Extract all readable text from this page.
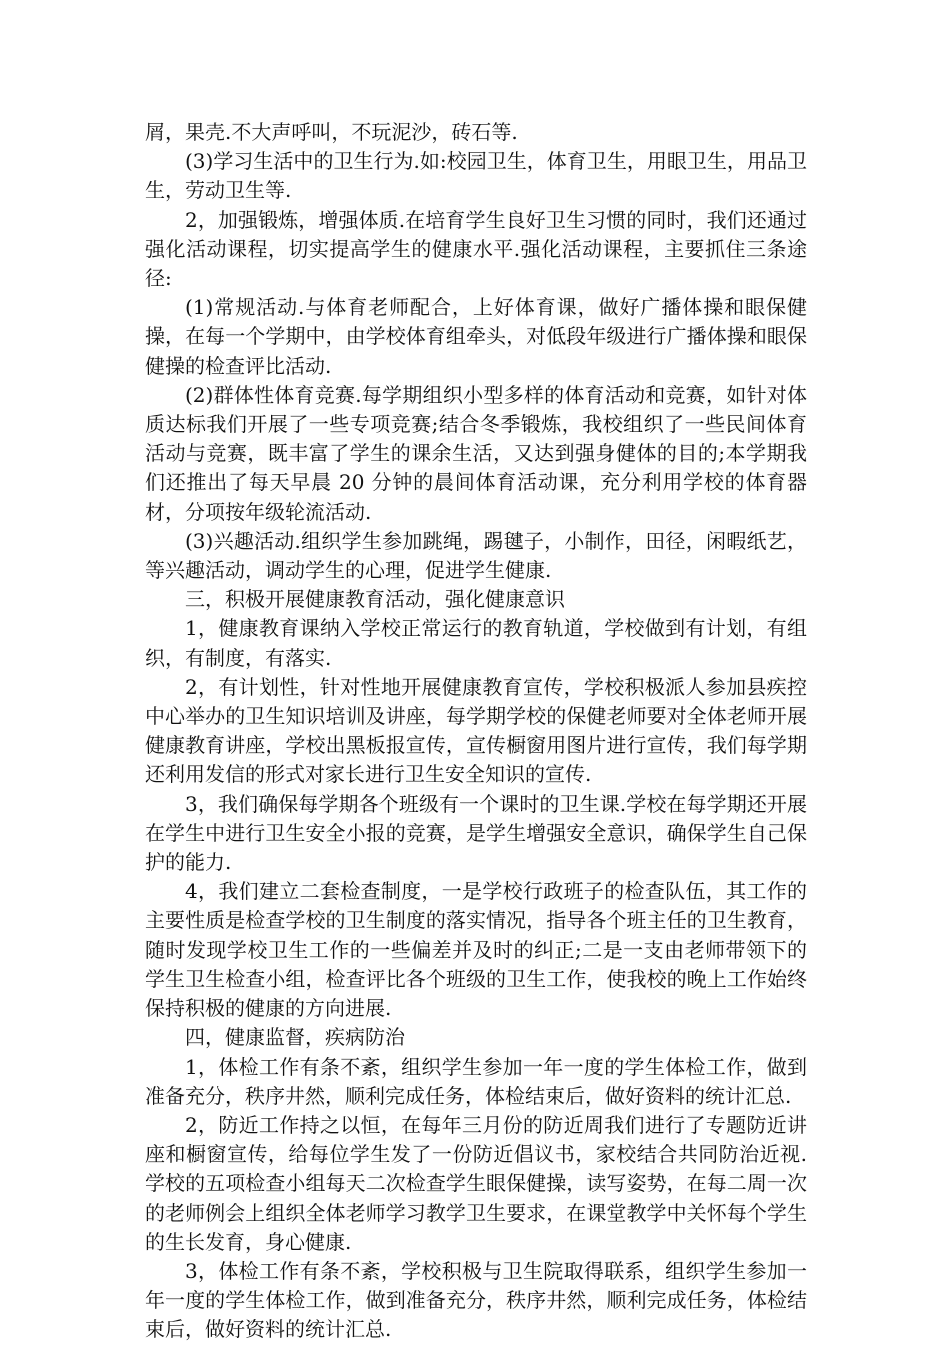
屑，果壳.不大声呼叫，不玩泥沙，砖石等.

(3)学习生活中的卫生行为.如:校园卫生，体育卫生，用眼卫生，用品卫生，劳动卫生等.

2，加强锻炼，增强体质.在培育学生良好卫生习惯的同时，我们还通过强化活动课程，切实提高学生的健康水平.强化活动课程，主要抓住三条途径:

(1)常规活动.与体育老师配合，上好体育课，做好广播体操和眼保健操，在每一个学期中，由学校体育组牵头，对低段年级进行广播体操和眼保健操的检查评比活动.

(2)群体性体育竞赛.每学期组织小型多样的体育活动和竞赛，如针对体质达标我们开展了一些专项竞赛;结合冬季锻炼，我校组织了一些民间体育活动与竞赛，既丰富了学生的课余生活，又达到强身健体的目的;本学期我们还推出了每天早晨 20 分钟的晨间体育活动课，充分利用学校的体育器材，分项按年级轮流活动.

(3)兴趣活动.组织学生参加跳绳，踢毽子，小制作，田径，闲暇纸艺，等兴趣活动，调动学生的心理，促进学生健康.

三，积极开展健康教育活动，强化健康意识

1，健康教育课纳入学校正常运行的教育轨道，学校做到有计划，有组织，有制度，有落实.

2，有计划性，针对性地开展健康教育宣传，学校积极派人参加县疾控中心举办的卫生知识培训及讲座，每学期学校的保健老师要对全体老师开展健康教育讲座，学校出黑板报宣传，宣传橱窗用图片进行宣传，我们每学期还利用发信的形式对家长进行卫生安全知识的宣传.

3，我们确保每学期各个班级有一个课时的卫生课.学校在每学期还开展在学生中进行卫生安全小报的竞赛，是学生增强安全意识，确保学生自己保护的能力.

4，我们建立二套检查制度，一是学校行政班子的检查队伍，其工作的主要性质是检查学校的卫生制度的落实情况，指导各个班主任的卫生教育，随时发现学校卫生工作的一些偏差并及时的纠正;二是一支由老师带领下的学生卫生检查小组，检查评比各个班级的卫生工作，使我校的晚上工作始终保持积极的健康的方向进展.

四，健康监督，疾病防治

1，体检工作有条不紊，组织学生参加一年一度的学生体检工作，做到准备充分，秩序井然，顺利完成任务，体检结束后，做好资料的统计汇总.

2，防近工作持之以恒，在每年三月份的防近周我们进行了专题防近讲座和橱窗宣传，给每位学生发了一份防近倡议书，家校结合共同防治近视.学校的五项检查小组每天二次检查学生眼保健操，读写姿势，在每二周一次的老师例会上组织全体老师学习教学卫生要求，在课堂教学中关怀每个学生的生长发育，身心健康.

3，体检工作有条不紊，学校积极与卫生院取得联系，组织学生参加一年一度的学生体检工作，做到准备充分，秩序井然，顺利完成任务，体检结束后，做好资料的统计汇总.
